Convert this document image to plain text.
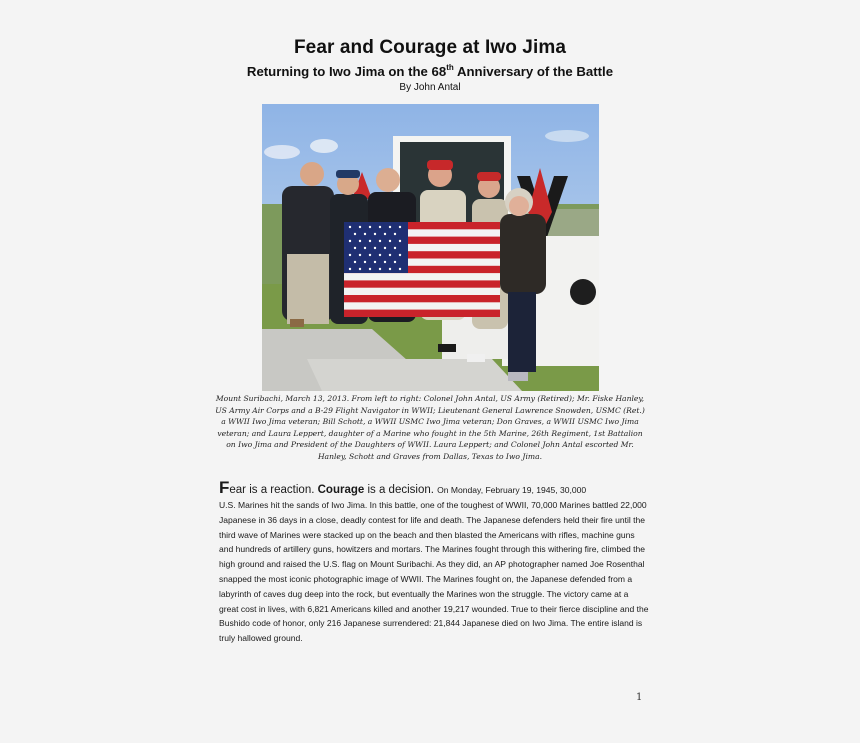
Fear and Courage at Iwo Jima
Returning to Iwo Jima on the 68th Anniversary of the Battle
By John Antal
Mount Suribachi, March 13, 2013. From left to right: Colonel John Antal, US Army (Retired); Mr. Fiske Hanley, US Army Air Corps and a B-29 Flight Navigator in WWII; Lieutenant General Lawrence Snowden, USMC (Ret.) a WWII Iwo Jima veteran; Bill Schott, a WWII USMC Iwo Jima veteran; Don Graves, a WWII USMC Iwo Jima veteran; and Laura Leppert, daughter of a Marine who fought in the 5th Marine, 26th Regiment, 1st Battalion on Iwo Jima and President of the Daughters of WWII. Laura Leppert; and Colonel John Antal escorted Mr. Hanley, Schott and Graves from Dallas, Texas to Iwo Jima.
Fear is a reaction. Courage is a decision. On Monday, February 19, 1945, 30,000
U.S. Marines hit the sands of Iwo Jima. In this battle, one of the toughest of WWII, 70,000 Marines battled 22,000 Japanese in 36 days in a close, deadly contest for life and death. The Japanese defenders held their fire until the third wave of Marines were stacked up on the beach and then blasted the Americans with rifles, machine guns and hundreds of artillery guns, howitzers and mortars. The Marines fought through this withering fire, climbed the high ground and raised the U.S. flag on Mount Suribachi. As they did, an AP photographer named Joe Rosenthal snapped the most iconic photographic image of WWII. The Marines fought on, the Japanese defended from a labyrinth of caves dug deep into the rock, but eventually the Marines won the struggle. The victory came at a great cost in lives, with 6,821 Americans killed and another 19,217 wounded. True to their fierce discipline and the Bushido code of honor, only 216 Japanese surrendered: 21,844 Japanese died on Iwo Jima. The entire island is truly hallowed ground.
1
